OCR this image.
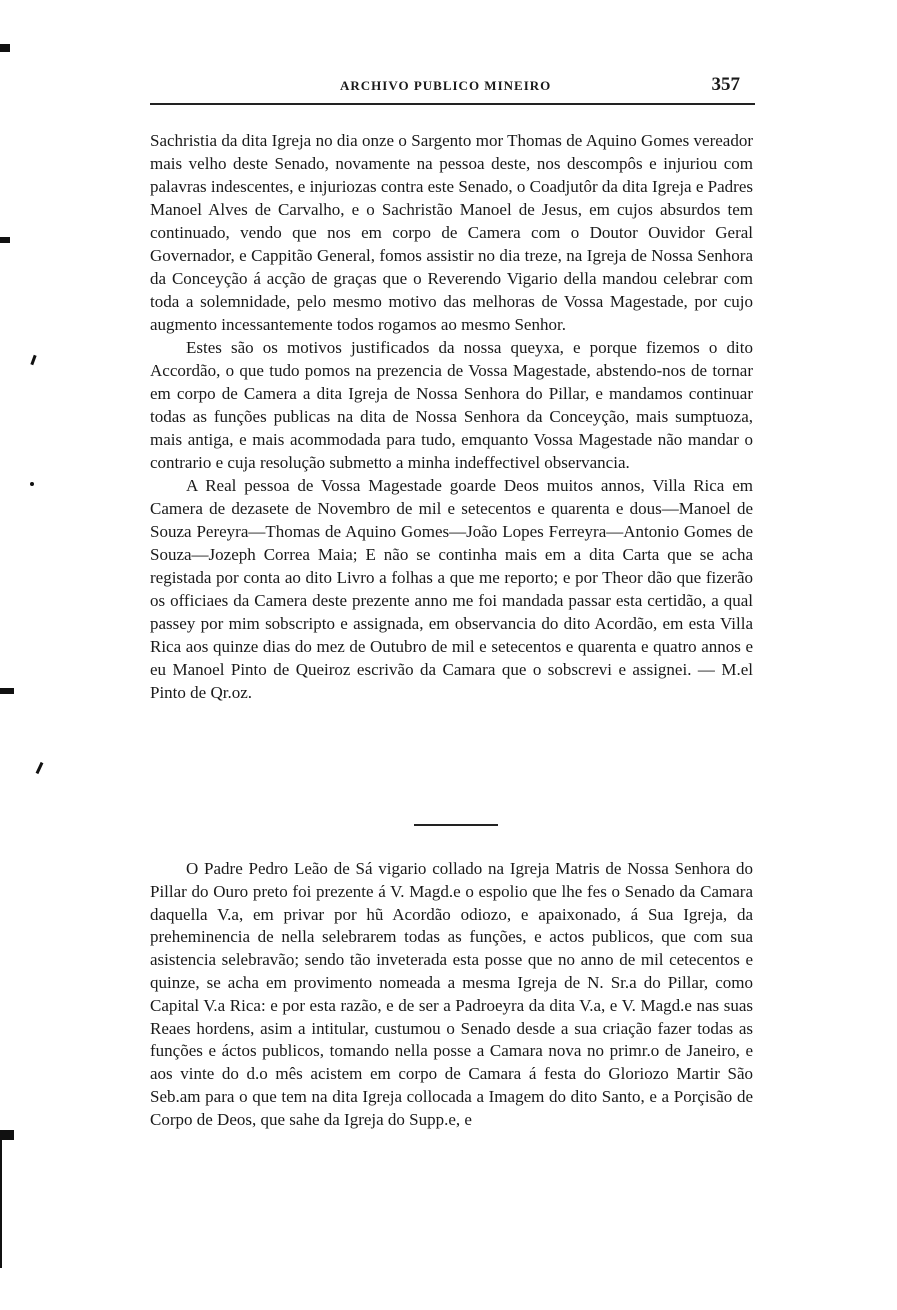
ARCHIVO PUBLICO MINEIRO	357

Sachristia da dita Igreja no dia onze o Sargento mor Thomas de Aquino Gomes vereador mais velho deste Senado, novamente na pessoa deste, nos descompôs e injuriou com palavras indescentes, e injuriozas contra este Senado, o Coadjutôr da dita Igreja e Padres Manoel Alves de Carvalho, e o Sachristão Manoel de Jesus, em cujos absurdos tem continuado, vendo que nos em corpo de Camera com o Doutor Ouvidor Geral Governador, e Cappitão General, fomos assistir no dia treze, na Igreja de Nossa Senhora da Conceyção á acção de graças que o Reverendo Vigario della mandou celebrar com toda a solemnidade, pelo mesmo motivo das melhoras de Vossa Magestade, por cujo augmento incessantemente todos rogamos ao mesmo Senhor.

Estes são os motivos justificados da nossa queyxa, e porque fizemos o dito Accordão, o que tudo pomos na prezencia de Vossa Magestade, abstendo-nos de tornar em corpo de Camera a dita Igreja de Nossa Senhora do Pillar, e mandamos continuar todas as funções publicas na dita de Nossa Senhora da Conceyção, mais sumptuoza, mais antiga, e mais acommodada para tudo, emquanto Vossa Magestade não mandar o contrario e cuja resolução submetto a minha indeffectivel observancia.

A Real pessoa de Vossa Magestade goarde Deos muitos annos, Villa Rica em Camera de dezasete de Novembro de mil e setecentos e quarenta e dous—Manoel de Souza Pereyra—Thomas de Aquino Gomes—João Lopes Ferreyra—Antonio Gomes de Souza—Jozeph Correa Maia; E não se continha mais em a dita Carta que se acha registada por conta ao dito Livro a folhas a que me reporto; e por Theor dão que fizerão os officiaes da Camera deste prezente anno me foi mandada passar esta certidão, a qual passey por mim sobscripto e assignada, em observancia do dito Acordão, em esta Villa Rica aos quinze dias do mez de Outubro de mil e setecentos e quarenta e quatro annos e eu Manoel Pinto de Queiroz escrivão da Camara que o sobscrevi e assignei. — M.el Pinto de Qr.oz.

O Padre Pedro Leão de Sá vigario collado na Igreja Matris de Nossa Senhora do Pillar do Ouro preto foi prezente á V. Magd.e o espolio que lhe fes o Senado da Camara daquella V.a, em privar por hũ Acordão odiozo, e apaixonado, á Sua Igreja, da preheminencia de nella selebrarem todas as funções, e actos publicos, que com sua asistencia selebravão; sendo tão inveterada esta posse que no anno de mil cetecentos e quinze, se acha em provimento nomeada a mesma Igreja de N. Sr.a do Pillar, como Capital V.a Rica: e por esta razão, e de ser a Padroeyra da dita V.a, e V. Magd.e nas suas Reaes hordens, asim a intitular, custumou o Senado desde a sua criação fazer todas as funções e áctos publicos, tomando nella posse a Camara nova no primr.o de Janeiro, e aos vinte do d.o mês acistem em corpo de Camara á festa do Gloriozo Martir São Seb.am para o que tem na dita Igreja collocada a Imagem do dito Santo, e a Porçisão de Corpo de Deos, que sahe da Igreja do Supp.e, e
